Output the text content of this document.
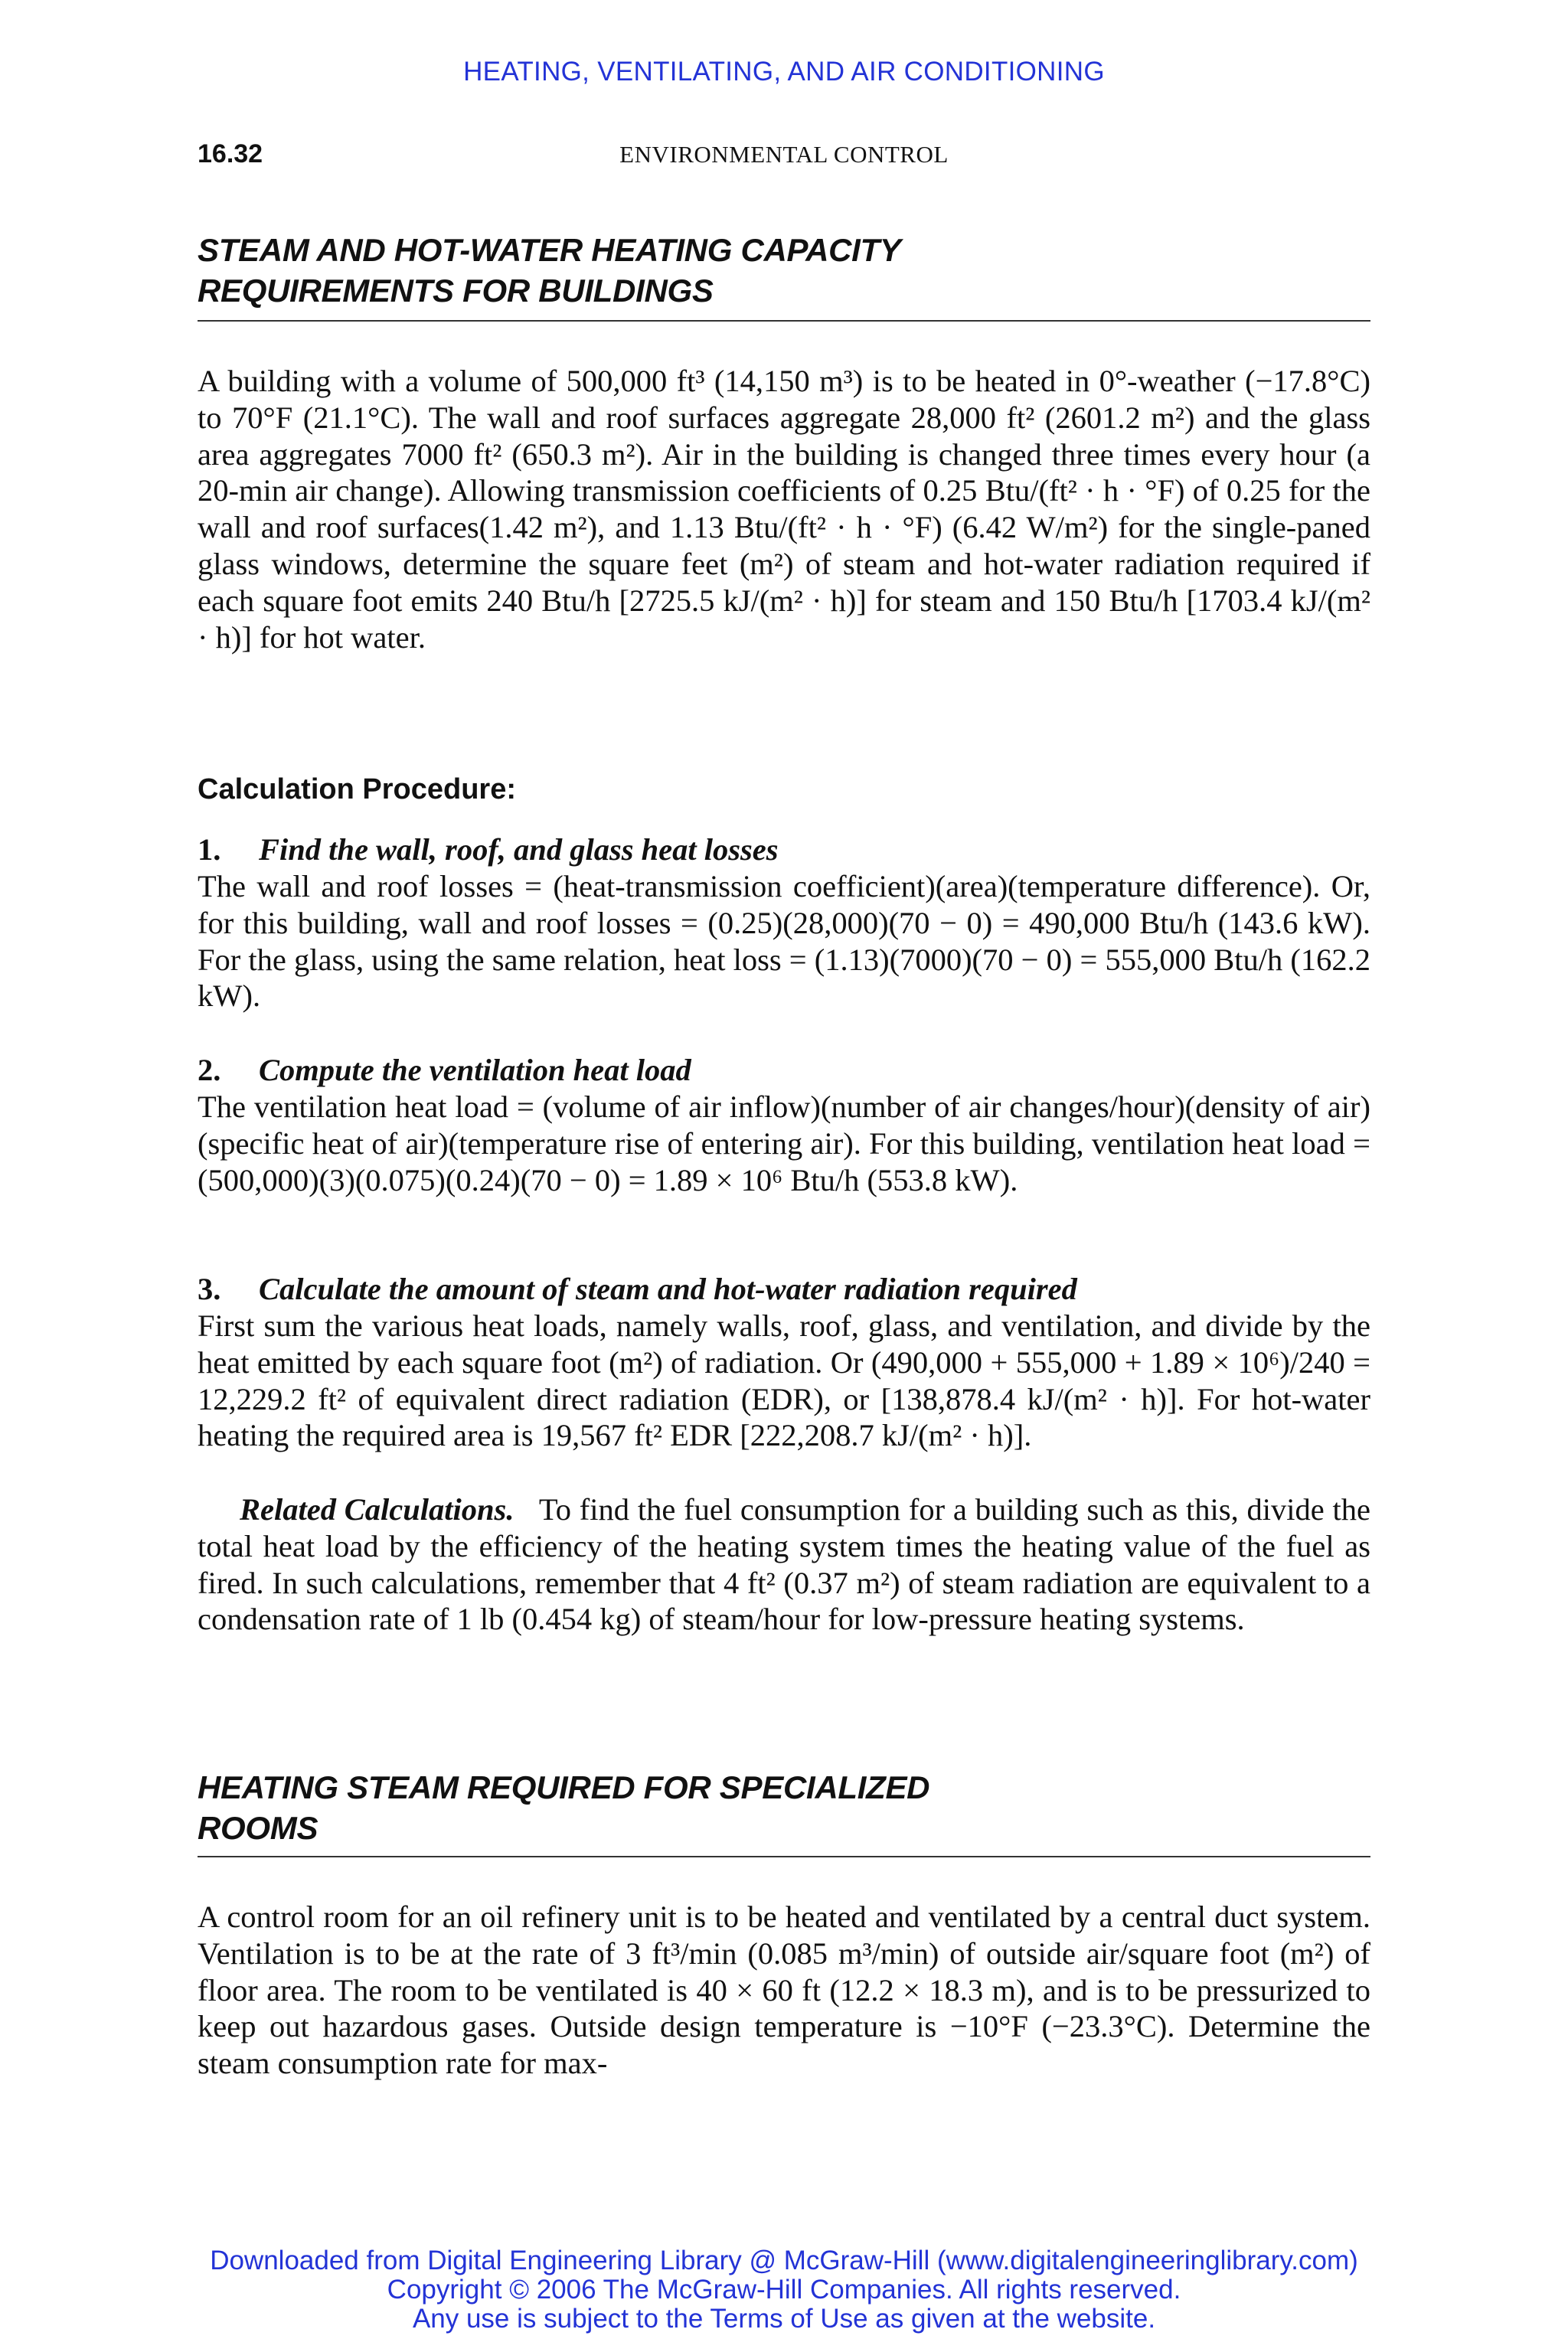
HEATING, VENTILATING, AND AIR CONDITIONING
16.32	ENVIRONMENTAL CONTROL
STEAM AND HOT-WATER HEATING CAPACITY
REQUIREMENTS FOR BUILDINGS

A building with a volume of 500,000 ft³ (14,150 m³) is to be heated in 0°-weather (−17.8°C) to 70°F (21.1°C). The wall and roof surfaces aggregate 28,000 ft² (2601.2 m²) and the glass area aggregates 7000 ft² (650.3 m²). Air in the building is changed three times every hour (a 20-min air change). Allowing transmission coefficients of 0.25 Btu/(ft² · h · °F) of 0.25 for the wall and roof surfaces(1.42 m²), and 1.13 Btu/(ft² · h · °F) (6.42 W/m²) for the single-paned glass windows, determine the square feet (m²) of steam and hot-water radiation required if each square foot emits 240 Btu/h [2725.5 kJ/(m² · h)] for steam and 150 Btu/h [1703.4 kJ/(m² · h)] for hot water.

Calculation Procedure:
1. Find the wall, roof, and glass heat losses

The wall and roof losses = (heat-transmission coefficient)(area)(temperature difference). Or, for this building, wall and roof losses = (0.25)(28,000)(70 − 0) = 490,000 Btu/h (143.6 kW). For the glass, using the same relation, heat loss = (1.13)(7000)(70 − 0) = 555,000 Btu/h (162.2 kW).

2. Compute the ventilation heat load

The ventilation heat load = (volume of air inflow)(number of air changes/hour)(density of air)(specific heat of air)(temperature rise of entering air). For this building, ventilation heat load = (500,000)(3)(0.075)(0.24)(70 − 0) = 1.89 × 10⁶ Btu/h (553.8 kW).

3. Calculate the amount of steam and hot-water radiation required

First sum the various heat loads, namely walls, roof, glass, and ventilation, and divide by the heat emitted by each square foot (m²) of radiation. Or (490,000 + 555,000 + 1.89 × 10⁶)/240 = 12,229.2 ft² of equivalent direct radiation (EDR), or [138,878.4 kJ/(m² · h)]. For hot-water heating the required area is 19,567 ft² EDR [222,208.7 kJ/(m² · h)].

Related Calculations. To find the fuel consumption for a building such as this, divide the total heat load by the efficiency of the heating system times the heating value of the fuel as fired. In such calculations, remember that 4 ft² (0.37 m²) of steam radiation are equivalent to a condensation rate of 1 lb (0.454 kg) of steam/hour for low-pressure heating systems.

HEATING STEAM REQUIRED FOR SPECIALIZED
ROOMS

A control room for an oil refinery unit is to be heated and ventilated by a central duct system. Ventilation is to be at the rate of 3 ft³/min (0.085 m³/min) of outside air/square foot (m²) of floor area. The room to be ventilated is 40 × 60 ft (12.2 × 18.3 m), and is to be pressurized to keep out hazardous gases. Outside design temperature is −10°F (−23.3°C). Determine the steam consumption rate for max-

Downloaded from Digital Engineering Library @ McGraw-Hill (www.digitalengineeringlibrary.com)
Copyright © 2006 The McGraw-Hill Companies. All rights reserved.
Any use is subject to the Terms of Use as given at the website.
